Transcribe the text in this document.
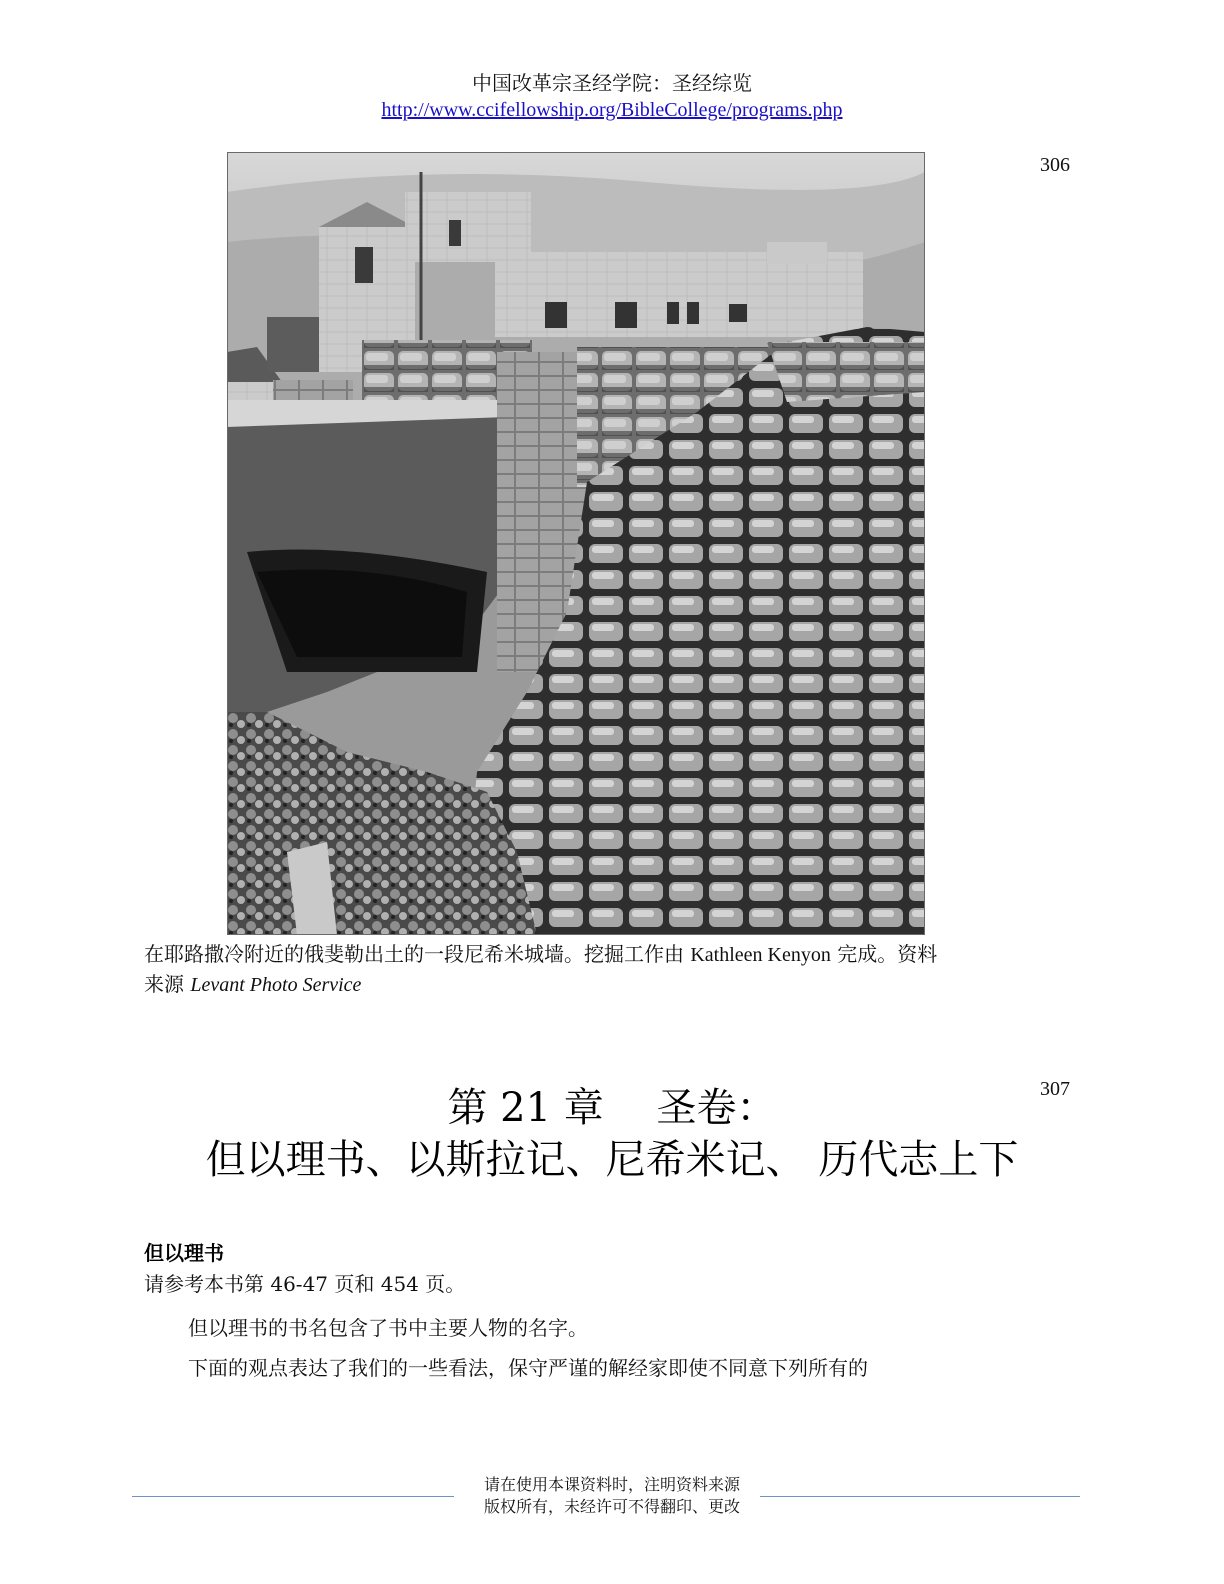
中国改革宗圣经学院：圣经综览
http://www.ccifellowship.org/BibleCollege/programs.php
306
在耶路撒冷附近的俄斐勒出土的一段尼希米城墙。挖掘工作由 Kathleen Kenyon 完成。资料
来源 Levant Photo Service
307
第 21 章　 圣卷：
但以理书、以斯拉记、尼希米记、 历代志上下
但以理书
请参考本书第 46-47 页和 454 页。
但以理书的书名包含了书中主要人物的名字。
下面的观点表达了我们的一些看法，保守严谨的解经家即使不同意下列所有的
请在使用本课资料时，注明资料来源
版权所有，未经许可不得翻印、更改
